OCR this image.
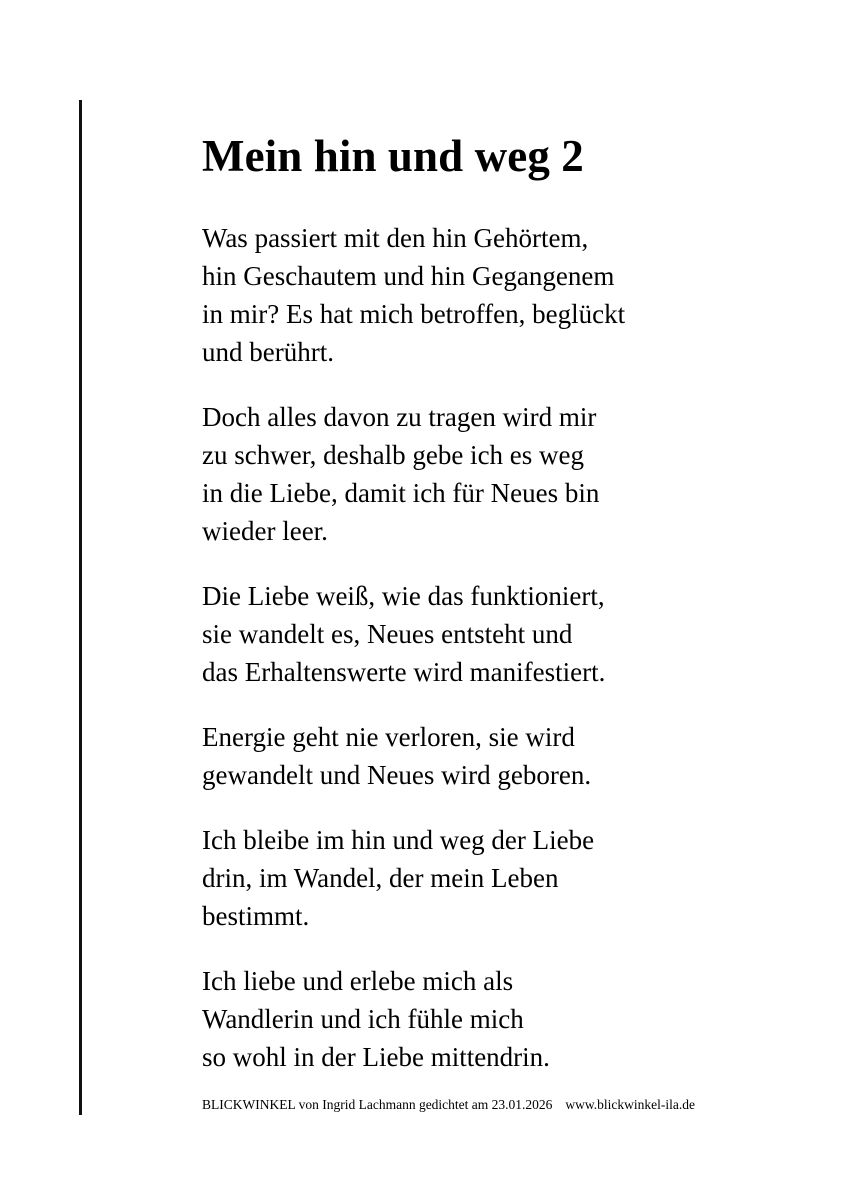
Mein hin und weg 2
Was passiert mit den hin Gehörtem,
hin Geschautem und hin Gegangenem
in mir? Es hat mich betroffen, beglückt
und berührt.
Doch alles davon zu tragen wird mir
zu schwer, deshalb gebe ich es weg
in die Liebe, damit ich für Neues bin
wieder leer.
Die Liebe weiß, wie das funktioniert,
sie wandelt es, Neues entsteht und
das Erhaltenswerte wird manifestiert.
Energie geht nie verloren, sie wird
gewandelt und Neues wird geboren.
Ich bleibe im hin und weg der Liebe
drin, im Wandel, der mein Leben
bestimmt.
Ich liebe und erlebe mich als
Wandlerin und ich fühle mich
so wohl in der Liebe mittendrin.
BLICKWINKEL von Ingrid Lachmann gedichtet am 23.01.2026 www.blickwinkel-ila.de
